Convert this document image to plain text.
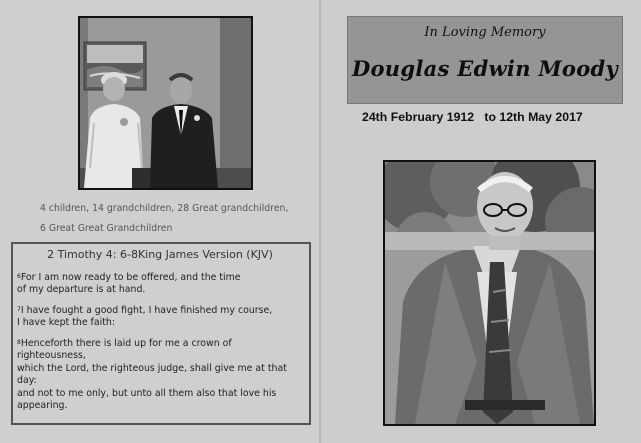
4 children, 14 grandchildren, 28 Great grandchildren,
6 Great Great Grandchildren
2 Timothy 4: 6-8King James Version (KJV)
$^6$For I am now ready to be offered, and the time
of my departure is at hand.
$^7$I have fought a good fight, I have finished my course,
I have kept the faith:
$^8$Henceforth there is laid up for me a crown of righteousness,
which the Lord, the righteous judge, shall give me at that day:
and not to me only, but unto all them also that love his
appearing.
In Loving Memory
Douglas Edwin Moody
24th February 1912   to 12th May 2017
